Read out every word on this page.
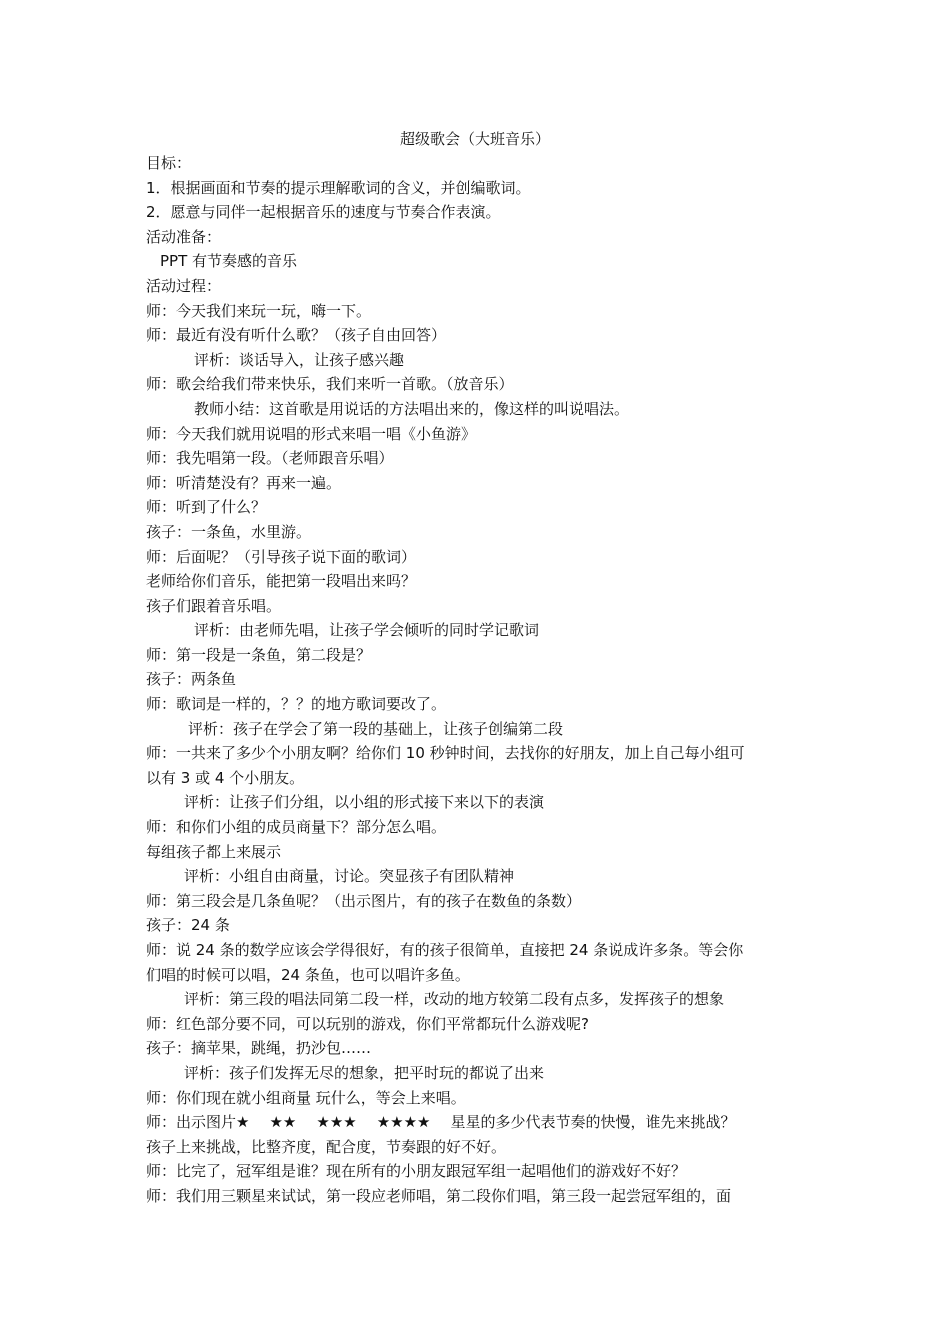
超级歌会（大班音乐）
目标：
1．根据画面和节奏的提示理解歌词的含义，并创编歌词。
2．愿意与同伴一起根据音乐的速度与节奏合作表演。
活动准备：
PPT 有节奏感的音乐
活动过程：
师：今天我们来玩一玩，嗨一下。
师：最近有没有听什么歌？（孩子自由回答）
评析：谈话导入，让孩子感兴趣
师：歌会给我们带来快乐，我们来听一首歌。（放音乐）
教师小结：这首歌是用说话的方法唱出来的，像这样的叫说唱法。
师：今天我们就用说唱的形式来唱一唱《小鱼游》
师：我先唱第一段。（老师跟音乐唱）
师：听清楚没有？再来一遍。
师：听到了什么？
孩子：一条鱼，水里游。
师：后面呢？（引导孩子说下面的歌词）
老师给你们音乐，能把第一段唱出来吗？
孩子们跟着音乐唱。
评析：由老师先唱，让孩子学会倾听的同时学记歌词
师：第一段是一条鱼，第二段是？
孩子：两条鱼
师：歌词是一样的，？？的地方歌词要改了。
评析：孩子在学会了第一段的基础上，让孩子创编第二段
师：一共来了多少个小朋友啊？给你们 10 秒钟时间，去找你的好朋友，加上自己每小组可
以有 3 或 4 个小朋友。
评析：让孩子们分组，以小组的形式接下来以下的表演
师：和你们小组的成员商量下？部分怎么唱。
每组孩子都上来展示
评析：小组自由商量，讨论。突显孩子有团队精神
师：第三段会是几条鱼呢？（出示图片，有的孩子在数鱼的条数）
孩子：24 条
师：说 24 条的数学应该会学得很好，有的孩子很简单，直接把 24 条说成许多条。等会你
们唱的时候可以唱，24 条鱼，也可以唱许多鱼。
评析：第三段的唱法同第二段一样，改动的地方较第二段有点多，发挥孩子的想象
师：红色部分要不同，可以玩别的游戏，你们平常都玩什么游戏呢?
孩子：摘苹果，跳绳，扔沙包……
评析：孩子们发挥无尽的想象，把平时玩的都说了出来
师：你们现在就小组商量 玩什么，等会上来唱。
师：出示图片★ ★★ ★★★ ★★★★ 星星的多少代表节奏的快慢，谁先来挑战？
孩子上来挑战，比整齐度，配合度，节奏跟的好不好。
师：比完了，冠军组是谁？现在所有的小朋友跟冠军组一起唱他们的游戏好不好？
师：我们用三颗星来试试，第一段应老师唱，第二段你们唱，第三段一起尝冠军组的，面
